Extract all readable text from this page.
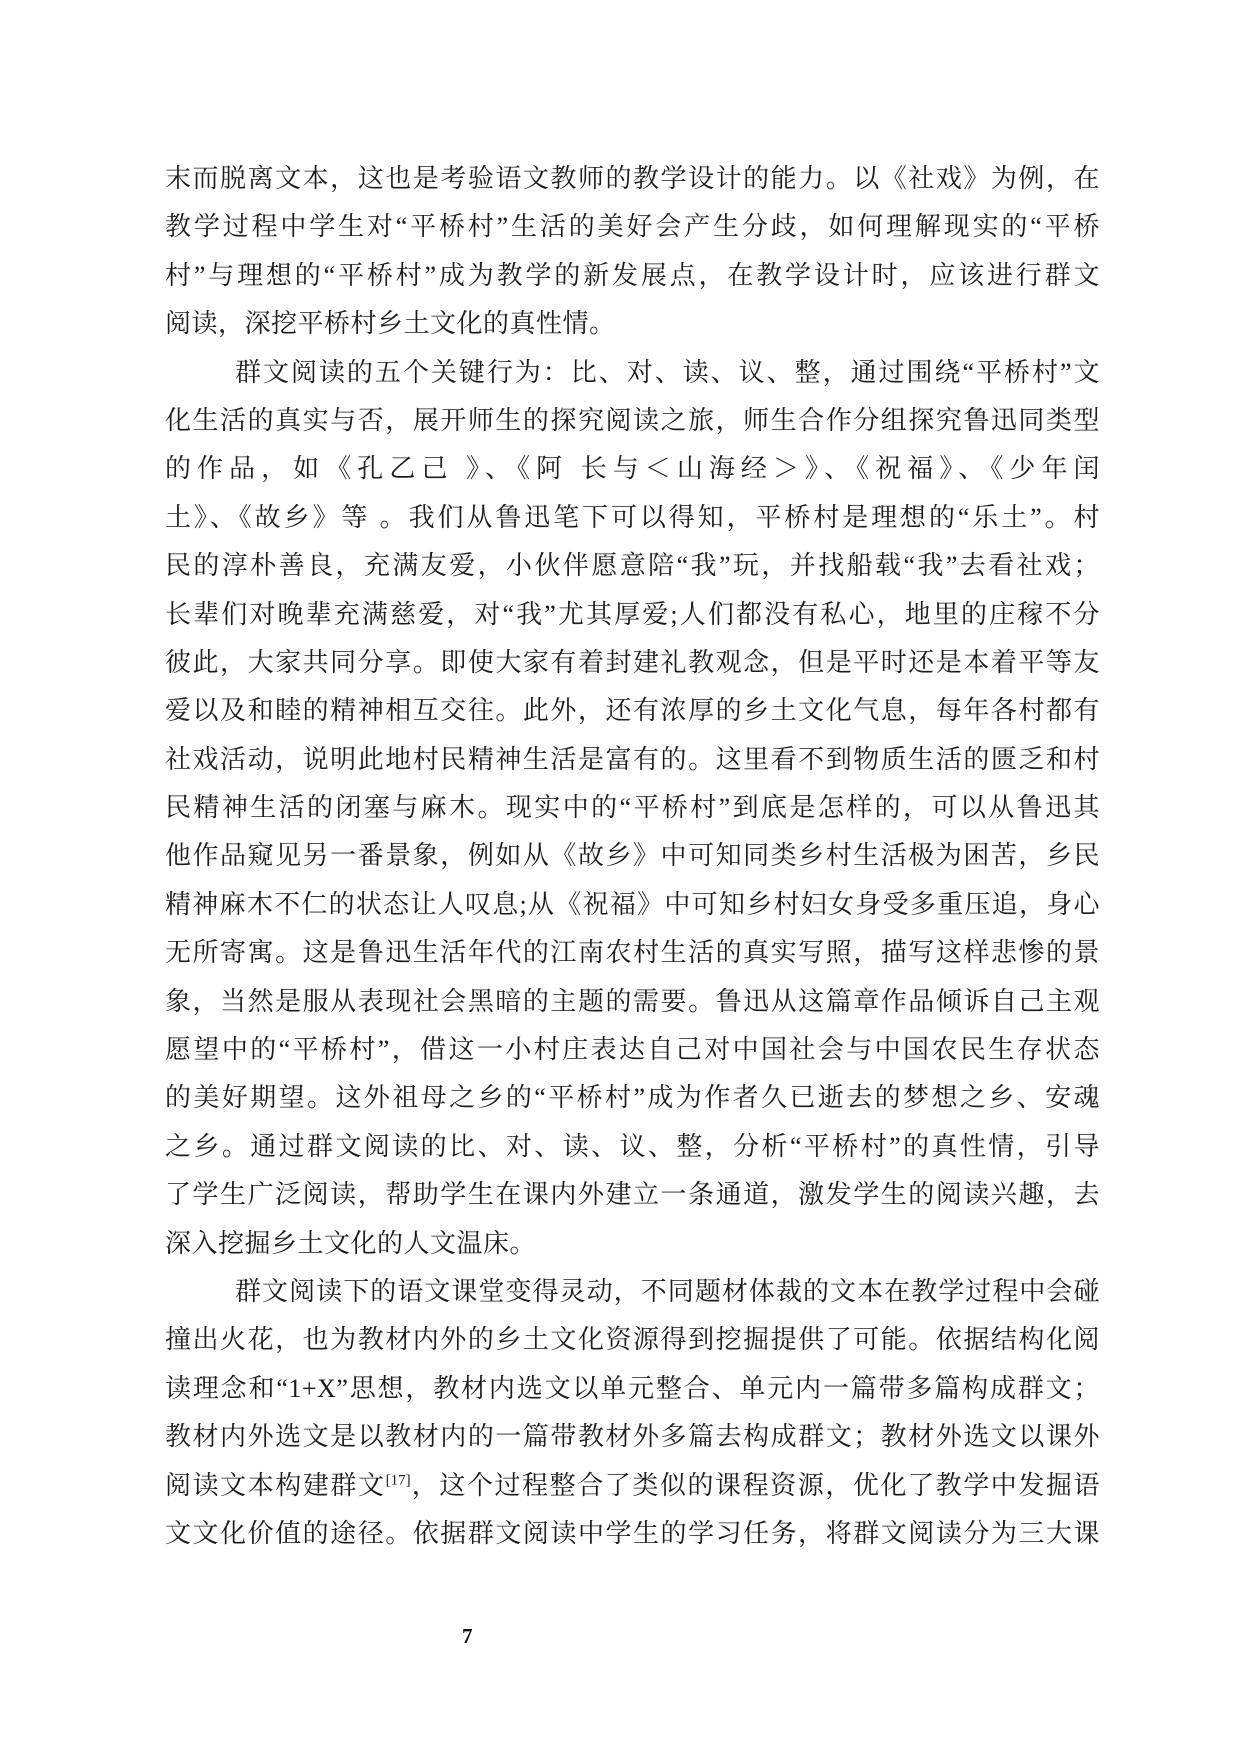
末而脱离文本，这也是考验语文教师的教学设计的能力。以《社戏》为例，在
教学过程中学生对“平桥村”生活的美好会产生分歧，如何理解现实的“平桥
村”与理想的“平桥村”成为教学的新发展点，在教学设计时，应该进行群文
阅读，深挖平桥村乡土文化的真性情。
群文阅读的五个关键行为：比、对、读、议、整，通过围绕“平桥村”文
化生活的真实与否，展开师生的探究阅读之旅，师生合作分组探究鲁迅同类型
的作品，如《孔乙己 》、《阿 长与＜山海经＞》、《祝福》、《少年闰
土》、《故乡》等 。我们从鲁迅笔下可以得知，平桥村是理想的“乐土”。村
民的淳朴善良，充满友爱，小伙伴愿意陪“我”玩，并找船载“我”去看社戏；
长辈们对晚辈充满慈爱，对“我”尤其厚爱;人们都没有私心，地里的庄稼不分
彼此，大家共同分享。即使大家有着封建礼教观念，但是平时还是本着平等友
爱以及和睦的精神相互交往。此外，还有浓厚的乡土文化气息，每年各村都有
社戏活动，说明此地村民精神生活是富有的。这里看不到物质生活的匮乏和村
民精神生活的闭塞与麻木。现实中的“平桥村”到底是怎样的，可以从鲁迅其
他作品窥见另一番景象，例如从《故乡》中可知同类乡村生活极为困苦，乡民
精神麻木不仁的状态让人叹息;从《祝福》中可知乡村妇女身受多重压追，身心
无所寄寓。这是鲁迅生活年代的江南农村生活的真实写照，描写这样悲惨的景
象，当然是服从表现社会黑暗的主题的需要。鲁迅从这篇章作品倾诉自己主观
愿望中的“平桥村”，借这一小村庄表达自己对中国社会与中国农民生存状态
的美好期望。这外祖母之乡的“平桥村”成为作者久已逝去的梦想之乡、安魂
之乡。通过群文阅读的比、对、读、议、整，分析“平桥村”的真性情，引导
了学生广泛阅读，帮助学生在课内外建立一条通道，激发学生的阅读兴趣，去
深入挖掘乡土文化的人文温床。
群文阅读下的语文课堂变得灵动，不同题材体裁的文本在教学过程中会碰
撞出火花，也为教材内外的乡土文化资源得到挖掘提供了可能。依据结构化阅
读理念和“1+X”思想，教材内选文以单元整合、单元内一篇带多篇构成群文；
教材内外选文是以教材内的一篇带教材外多篇去构成群文；教材外选文以课外
阅读文本构建群文[17]，这个过程整合了类似的课程资源，优化了教学中发掘语
文文化价值的途径。依据群文阅读中学生的学习任务，将群文阅读分为三大课
7
